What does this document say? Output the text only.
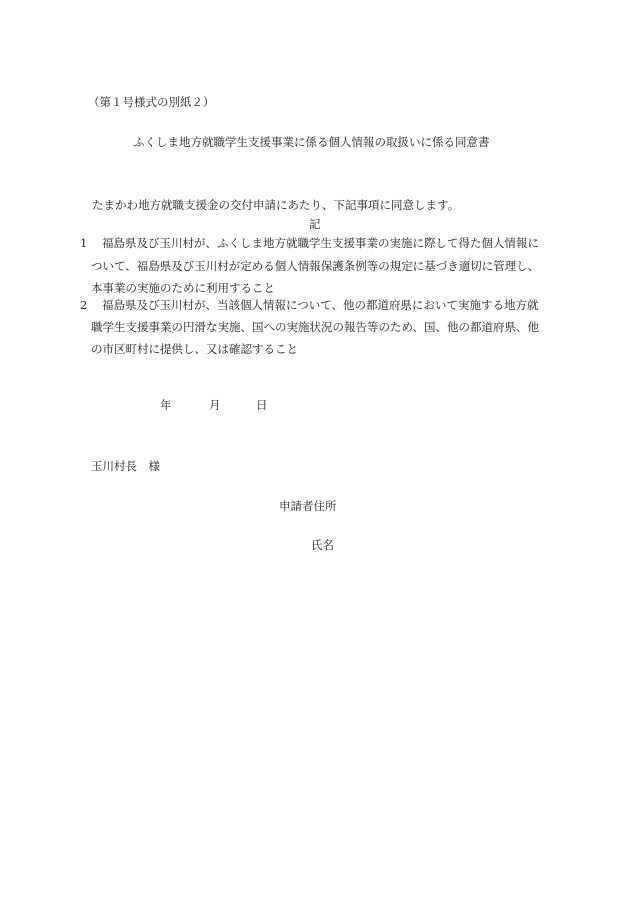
（第１号様式の別紙２）
ふくしま地方就職学生支援事業に係る個人情報の取扱いに係る同意書
たまかわ地方就職支援金の交付申請にあたり、下記事項に同意します。
記
1 福島県及び玉川村が、ふくしま地方就職学生支援事業の実施に際して得た個人情報に
ついて、福島県及び玉川村が定める個人情報保護条例等の規定に基づき適切に管理し、
本事業の実施のために利用すること
2 福島県及び玉川村が、当該個人情報について、他の都道府県において実施する地方就
職学生支援事業の円滑な実施、国への実施状況の報告等のため、国、他の都道府県、他
の市区町村に提供し、又は確認すること
年	月	日
玉川村長　様
申請者住所
氏名
